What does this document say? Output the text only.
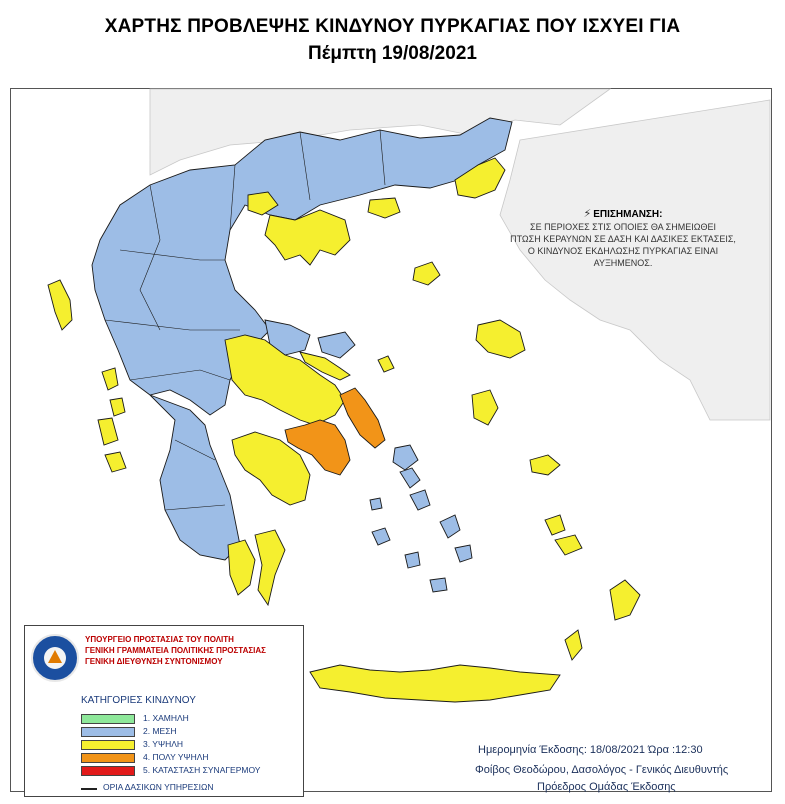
ΧΑΡΤΗΣ ΠΡΟΒΛΕΨΗΣ ΚΙΝΔΥΝΟΥ ΠΥΡΚΑΓΙΑΣ ΠΟΥ ΙΣΧΥΕΙ ΓΙΑ
Πέμπτη 19/08/2021
⚡ ΕΠΙΣΗΜΑΝΣΗ:
ΣΕ ΠΕΡΙΟΧΕΣ ΣΤΙΣ ΟΠΟΙΕΣ ΘΑ ΣΗΜΕΙΩΘΕΙ
ΠΤΩΣΗ ΚΕΡΑΥΝΩΝ ΣΕ ΔΑΣΗ ΚΑΙ ΔΑΣΙΚΕΣ ΕΚΤΑΣΕΙΣ,
Ο ΚΙΝΔΥΝΟΣ ΕΚΔΗΛΩΣΗΣ ΠΥΡΚΑΓΙΑΣ ΕΙΝΑΙ ΑΥΞΗΜΕΝΟΣ.
ΥΠΟΥΡΓΕΙΟ ΠΡΟΣΤΑΣΙΑΣ ΤΟΥ ΠΟΛΙΤΗ
ΓΕΝΙΚΗ ΓΡΑΜΜΑΤΕΙΑ ΠΟΛΙΤΙΚΗΣ ΠΡΟΣΤΑΣΙΑΣ
ΓΕΝΙΚΗ ΔΙΕΥΘΥΝΣΗ ΣΥΝΤΟΝΙΣΜΟΥ
ΚΑΤΗΓΟΡΙΕΣ ΚΙΝΔΥΝΟΥ
1. ΧΑΜΗΛΗ
2. ΜΕΣΗ
3. ΥΨΗΛΗ
4. ΠΟΛΥ ΥΨΗΛΗ
5. ΚΑΤΑΣΤΑΣΗ ΣΥΝΑΓΕΡΜΟΥ
ΟΡΙΑ ΔΑΣΙΚΩΝ ΥΠΗΡΕΣΙΩΝ
Ημερομηνία Έκδοσης: 18/08/2021 Ώρα :12:30
Φοίβος Θεοδώρου, Δασολόγος - Γενικός Διευθυντής
Πρόεδρος Ομάδας Έκδοσης
